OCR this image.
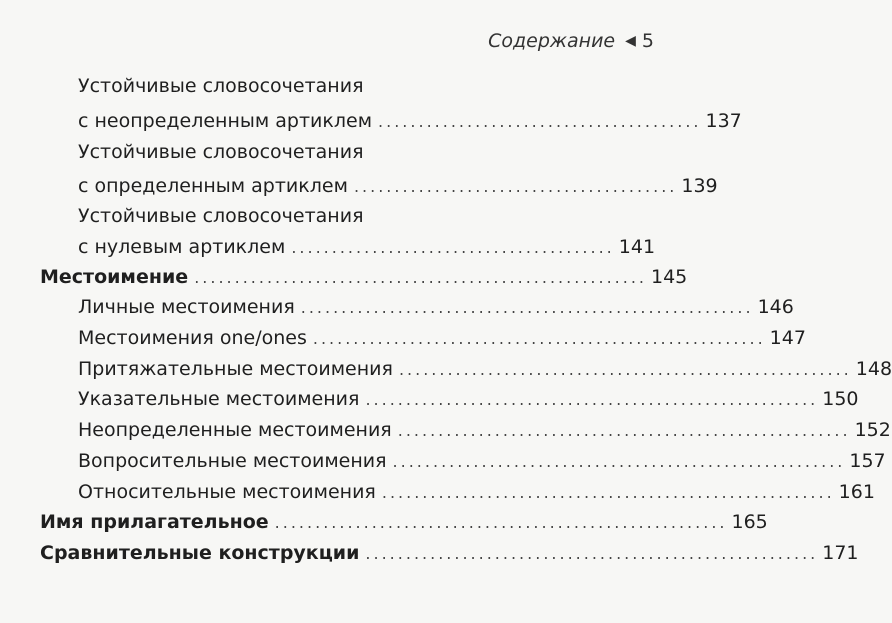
Содержание ◀ 5
Устойчивые словосочетания
с неопределенным артиклем ........................................ 137
Устойчивые словосочетания
с определенным артиклем ........................................ 139
Устойчивые словосочетания
с нулевым артиклем ........................................ 141
Местоимение ........................................................ 145
Личные местоимения ........................................................ 146
Местоимения one/ones ........................................................ 147
Притяжательные местоимения ........................................................ 148
Указательные местоимения ........................................................ 150
Неопределенные местоимения ........................................................ 152
Вопросительные местоимения ........................................................ 157
Относительные местоимения ........................................................ 161
Имя прилагательное ........................................................ 165
Сравнительные конструкции ........................................................ 171
